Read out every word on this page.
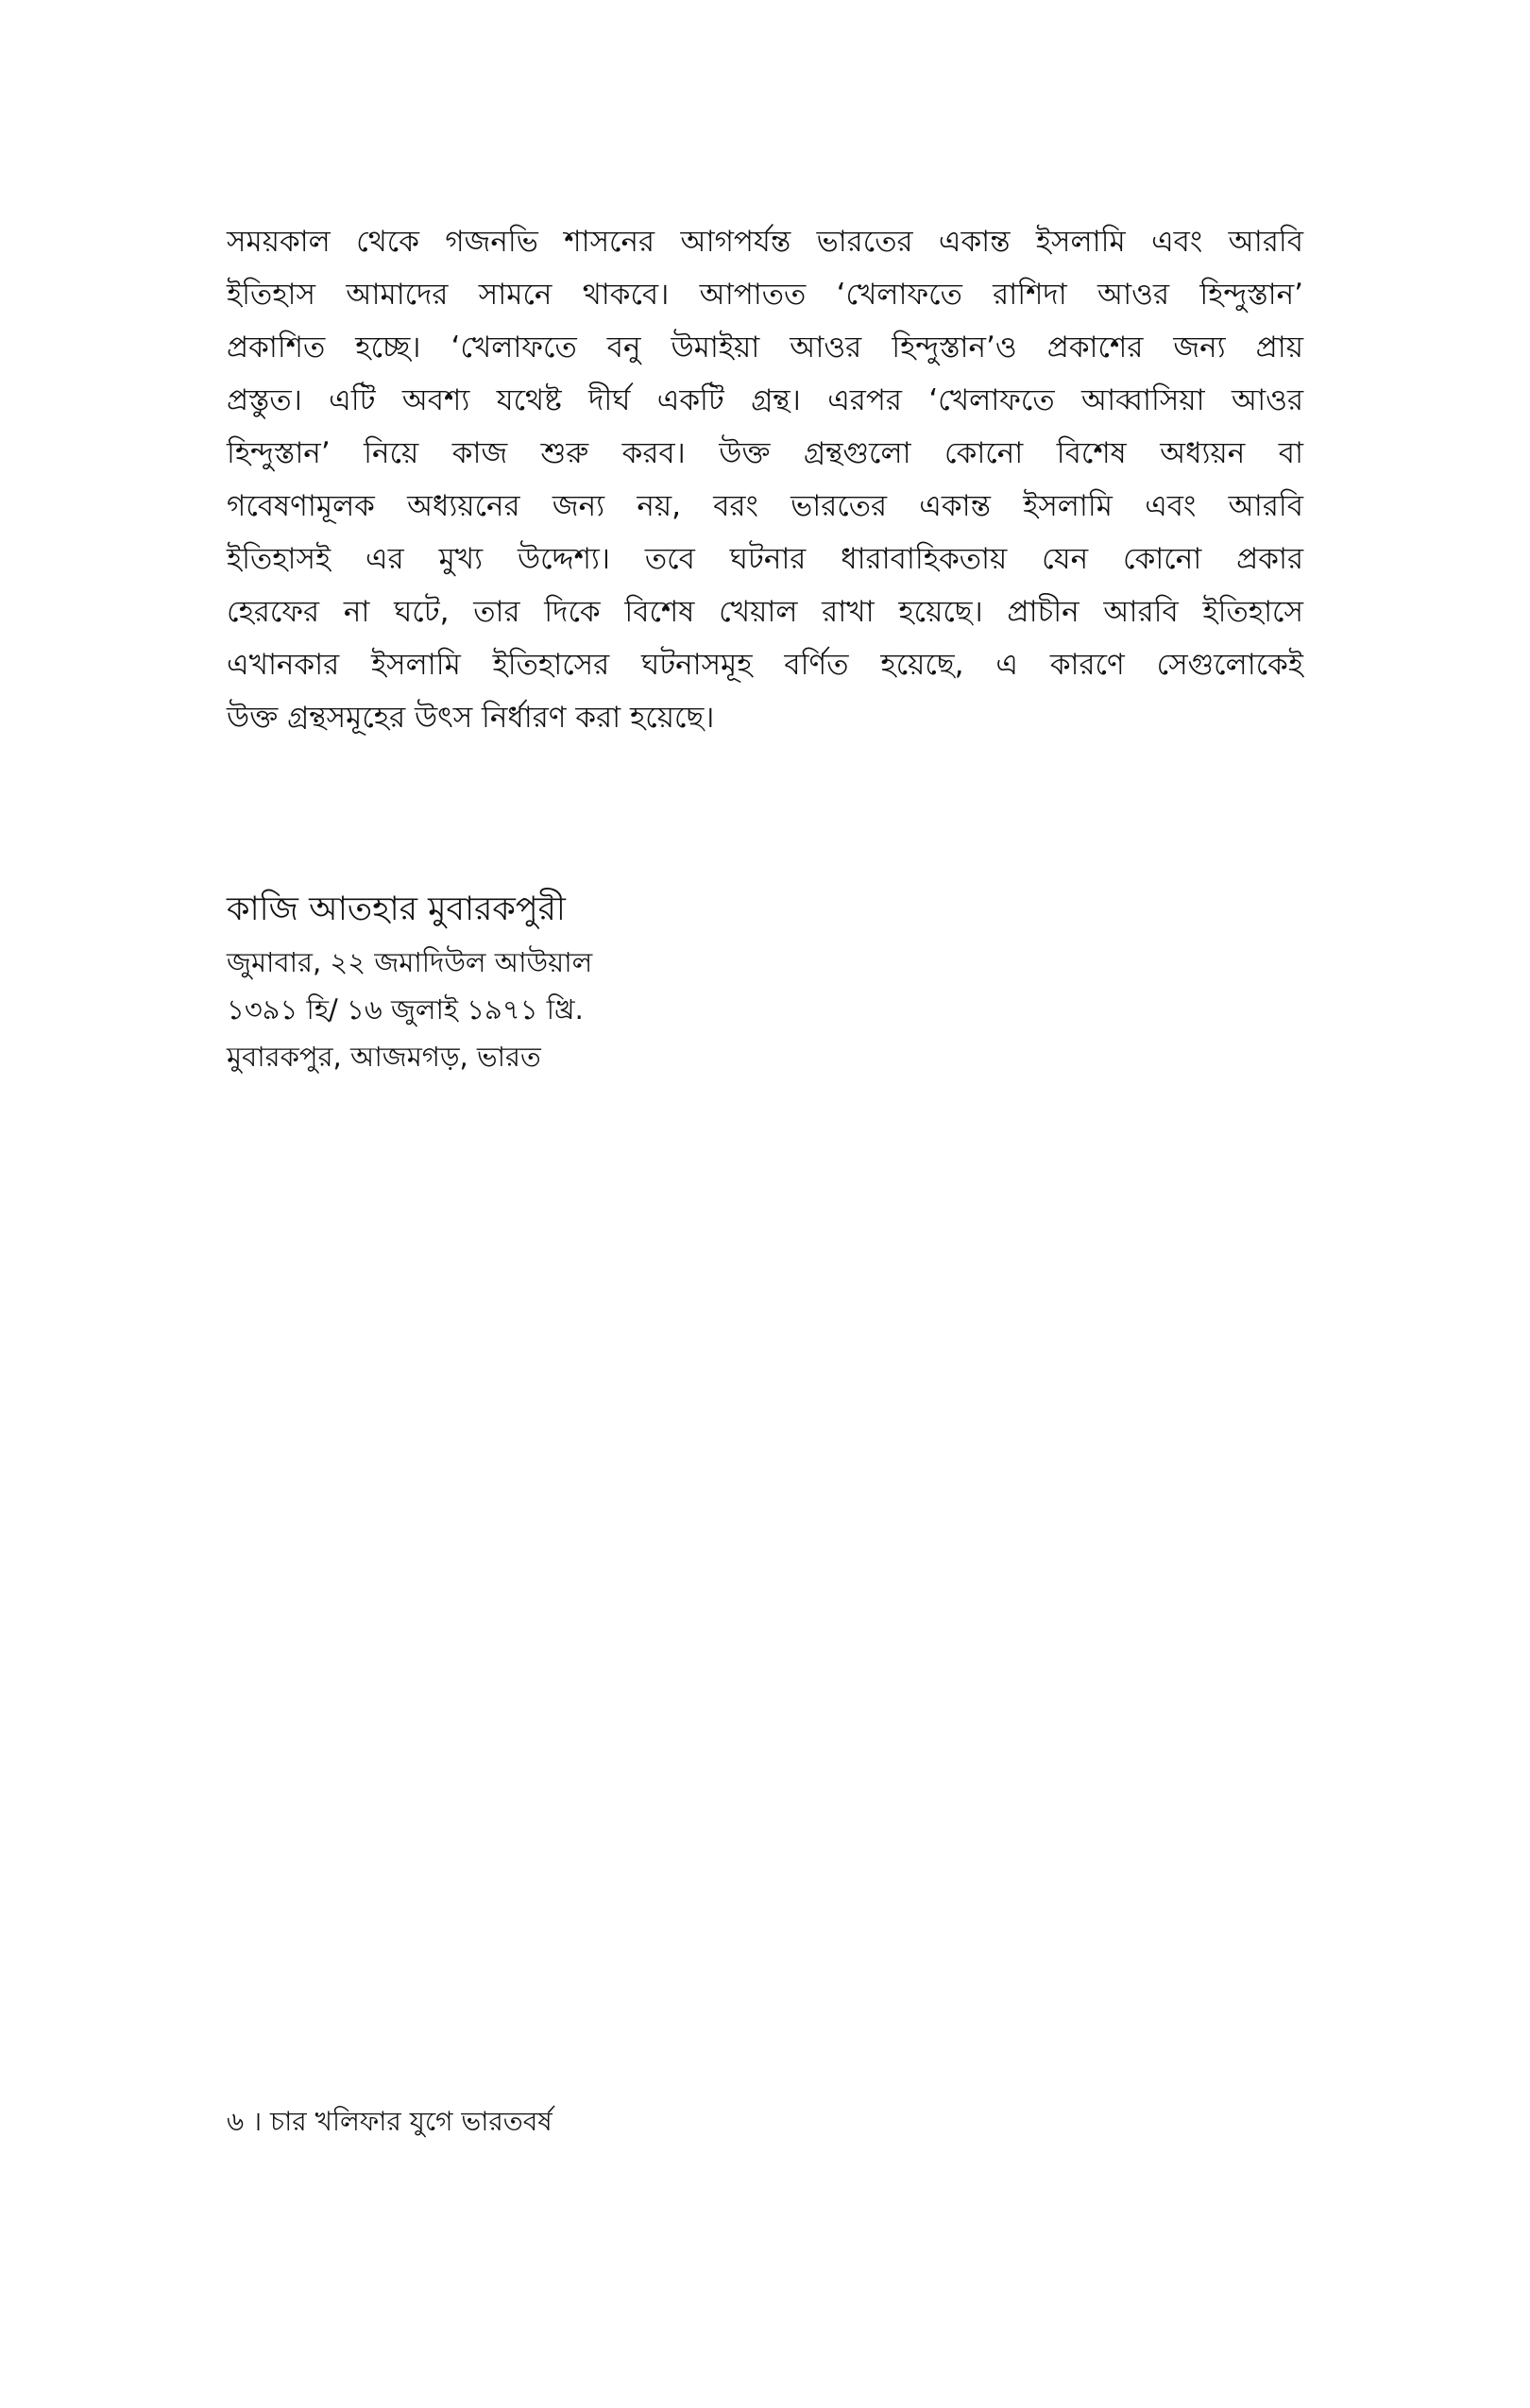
সময়কাল থেকে গজনভি শাসনের আগপর্যন্ত ভারতের একান্ত ইসলামি এবং আরবি
ইতিহাস আমাদের সামনে থাকবে। আপাতত ‘খেলাফতে রাশিদা আওর হিন্দুস্তান’
প্রকাশিত হচ্ছে। ‘খেলাফতে বনু উমাইয়া আওর হিন্দুস্তান’ও প্রকাশের জন্য প্রায়
প্রস্তুত। এটি অবশ্য যথেষ্ট দীর্ঘ একটি গ্রন্থ। এরপর ‘খেলাফতে আব্বাসিয়া আওর
হিন্দুস্তান’ নিয়ে কাজ শুরু করব। উক্ত গ্রন্থগুলো কোনো বিশেষ অধ্যয়ন বা
গবেষণামূলক অধ্যয়নের জন্য নয়, বরং ভারতের একান্ত ইসলামি এবং আরবি
ইতিহাসই এর মুখ্য উদ্দেশ্য। তবে ঘটনার ধারাবাহিকতায় যেন কোনো প্রকার
হেরফের না ঘটে, তার দিকে বিশেষ খেয়াল রাখা হয়েছে। প্রাচীন আরবি ইতিহাসে
এখানকার ইসলামি ইতিহাসের ঘটনাসমূহ বর্ণিত হয়েছে, এ কারণে সেগুলোকেই
উক্ত গ্রন্থসমূহের উৎস নির্ধারণ করা হয়েছে।
কাজি আতহার মুবারকপুরী
জুমাবার, ২২ জমাদিউল আউয়াল
১৩৯১ হি/ ১৬ জুলাই ১৯৭১ খ্রি.
মুবারকপুর, আজমগড়, ভারত
৬ । চার খলিফার যুগে ভারতবর্ষ
